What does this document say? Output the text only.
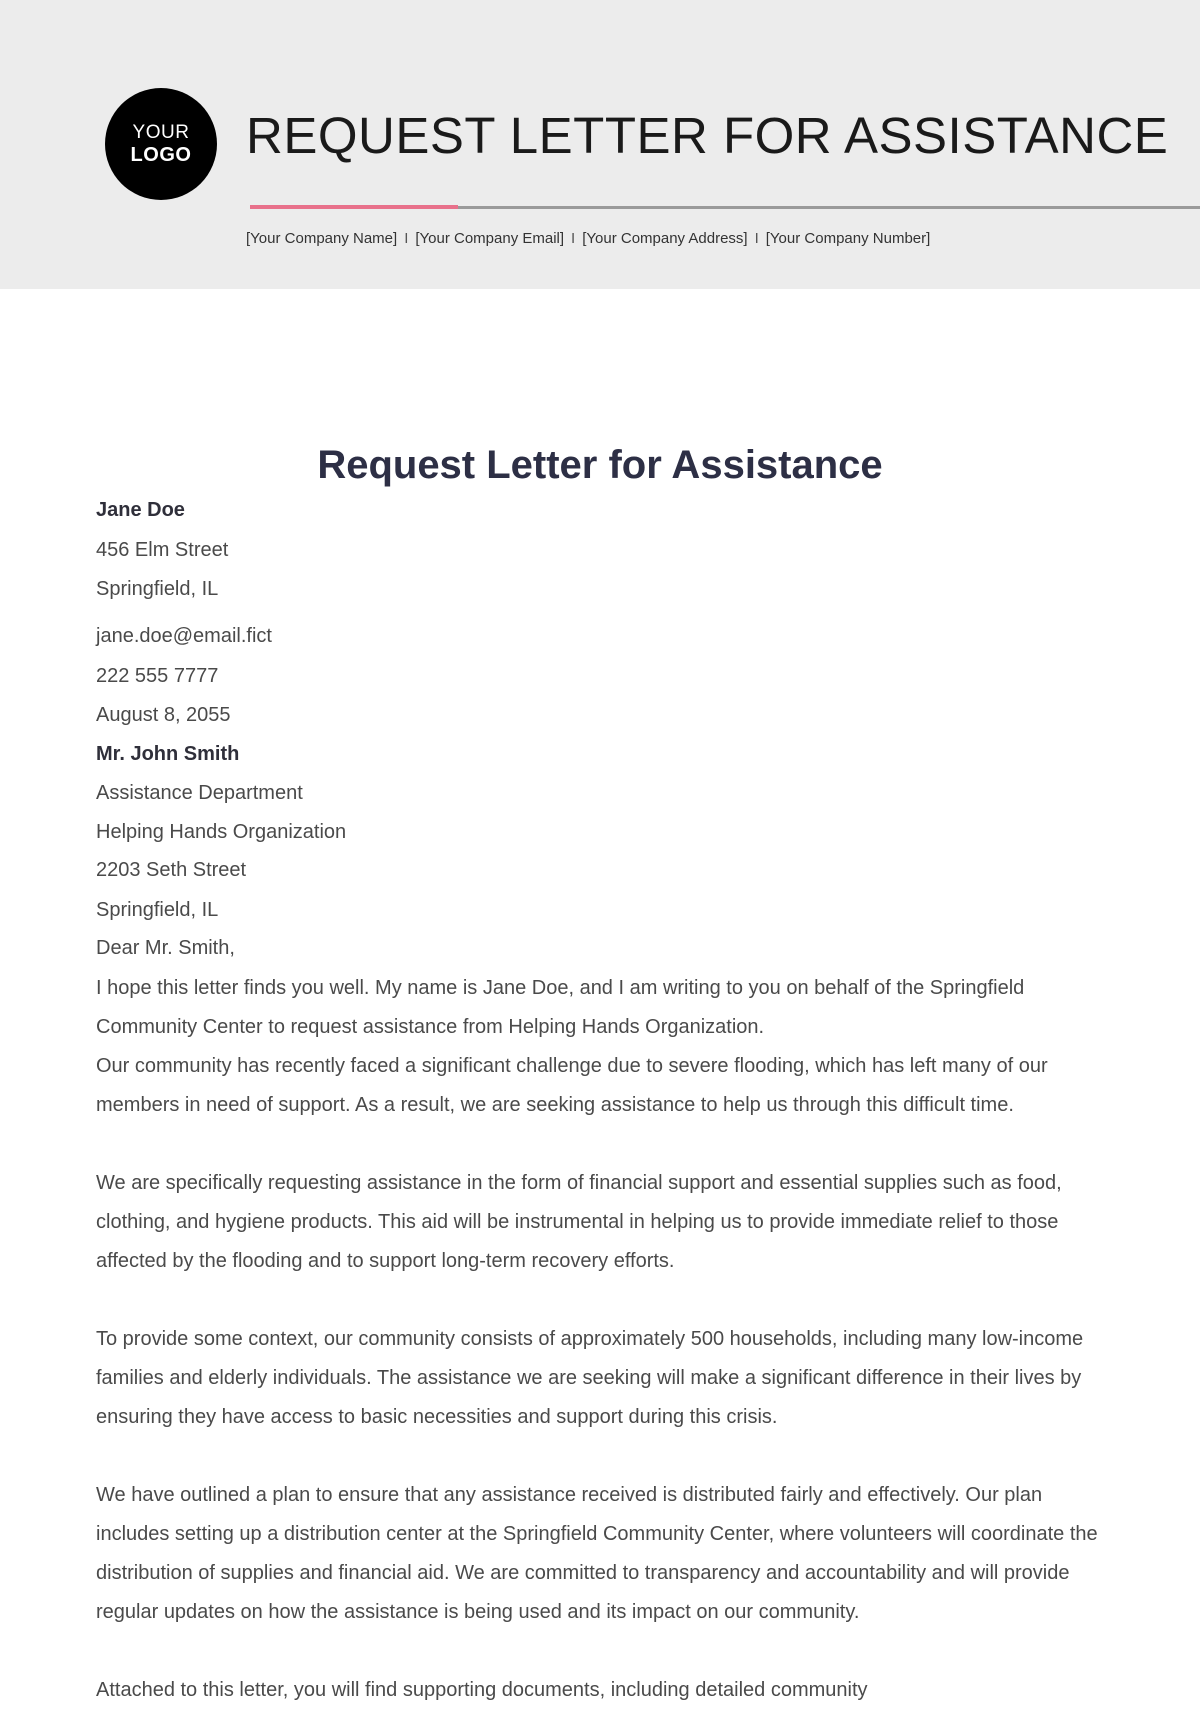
YOUR
LOGO REQUEST LETTER FOR ASSISTANCE
[Your Company Name] I [Your Company Email] I [Your Company Address] I [Your Company Number]
Request Letter for Assistance
Jane Doe
456 Elm Street
Springfield, IL
jane.doe@email.fict
222 555 7777
August 8, 2055
Mr. John Smith
Assistance Department
Helping Hands Organization
2203 Seth Street
Springfield, IL
Dear Mr. Smith,

I hope this letter finds you well. My name is Jane Doe, and I am writing to you on behalf of the Springfield Community Center to request assistance from Helping Hands Organization.

Our community has recently faced a significant challenge due to severe flooding, which has left many of our members in need of support. As a result, we are seeking assistance to help us through this difficult time.

We are specifically requesting assistance in the form of financial support and essential supplies such as food, clothing, and hygiene products. This aid will be instrumental in helping us to provide immediate relief to those affected by the flooding and to support long-term recovery efforts.

To provide some context, our community consists of approximately 500 households, including many low-income families and elderly individuals. The assistance we are seeking will make a significant difference in their lives by ensuring they have access to basic necessities and support during this crisis.

We have outlined a plan to ensure that any assistance received is distributed fairly and effectively. Our plan includes setting up a distribution center at the Springfield Community Center, where volunteers will coordinate the distribution of supplies and financial aid. We are committed to transparency and accountability and will provide regular updates on how the assistance is being used and its impact on our community.

Attached to this letter, you will find supporting documents, including detailed community
